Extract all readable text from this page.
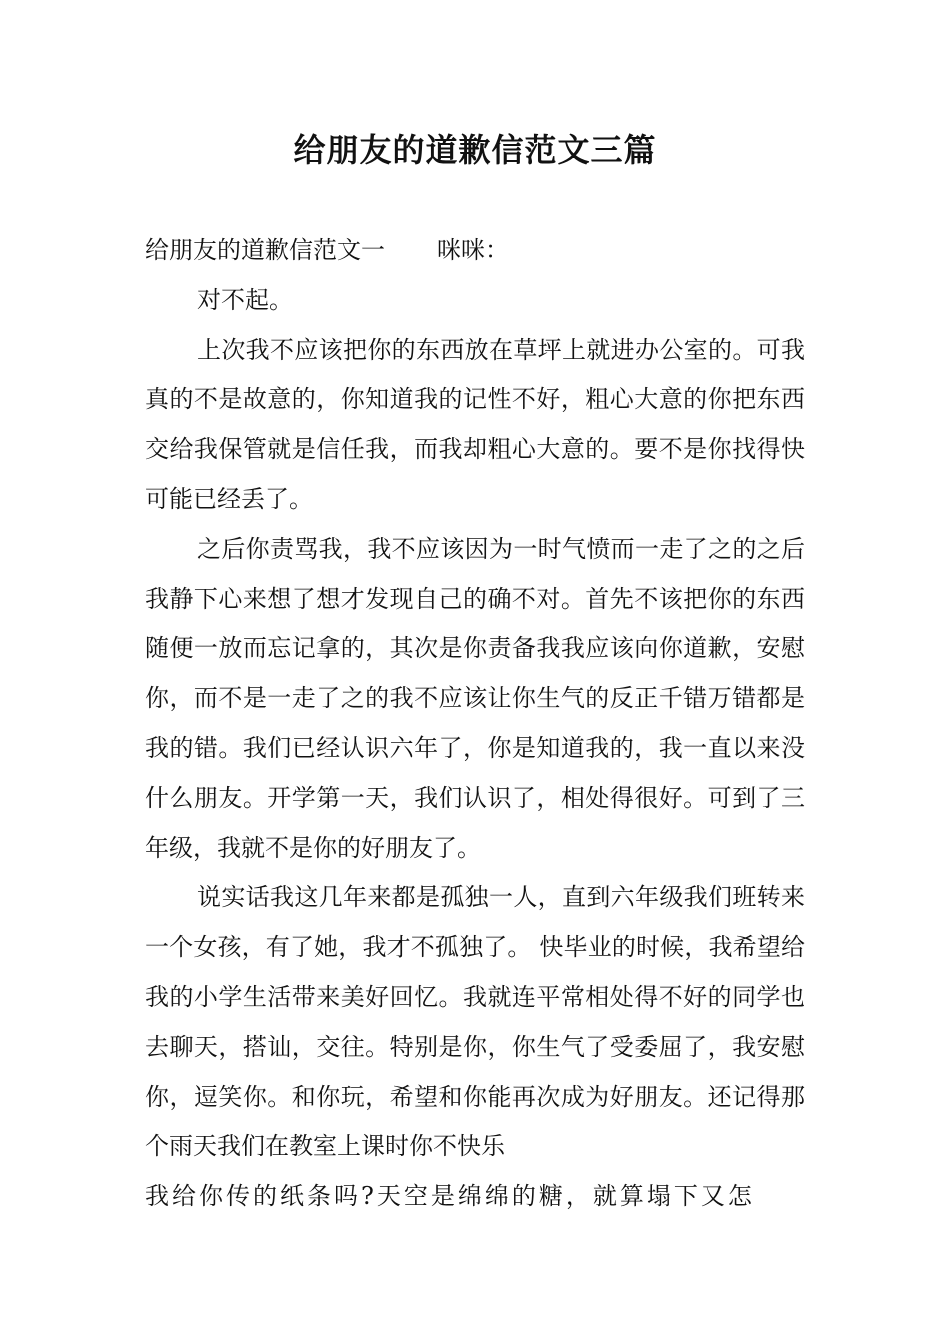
给朋友的道歉信范文三篇

给朋友的道歉信范文一 咪咪：

对不起。

上次我不应该把你的东西放在草坪上就进办公室的。可我真的不是故意的，你知道我的记性不好，粗心大意的你把东西交给我保管就是信任我，而我却粗心大意的。要不是你找得快可能已经丢了。

之后你责骂我，我不应该因为一时气愤而一走了之的之后我静下心来想了想才发现自己的确不对。首先不该把你的东西随便一放而忘记拿的，其次是你责备我我应该向你道歉，安慰你，而不是一走了之的我不应该让你生气的反正千错万错都是我的错。我们已经认识六年了，你是知道我的，我一直以来没什么朋友。开学第一天，我们认识了，相处得很好。可到了三年级，我就不是你的好朋友了。

说实话我这几年来都是孤独一人，直到六年级我们班转来一个女孩，有了她，我才不孤独了。 快毕业的时候，我希望给我的小学生活带来美好回忆。我就连平常相处得不好的同学也去聊天，搭讪，交往。特别是你，你生气了受委屈了，我安慰你，逗笑你。和你玩，希望和你能再次成为好朋友。还记得那个雨天我们在教室上课时你不快乐

我给你传的纸条吗?天空是绵绵的糖，就算塌下又怎
